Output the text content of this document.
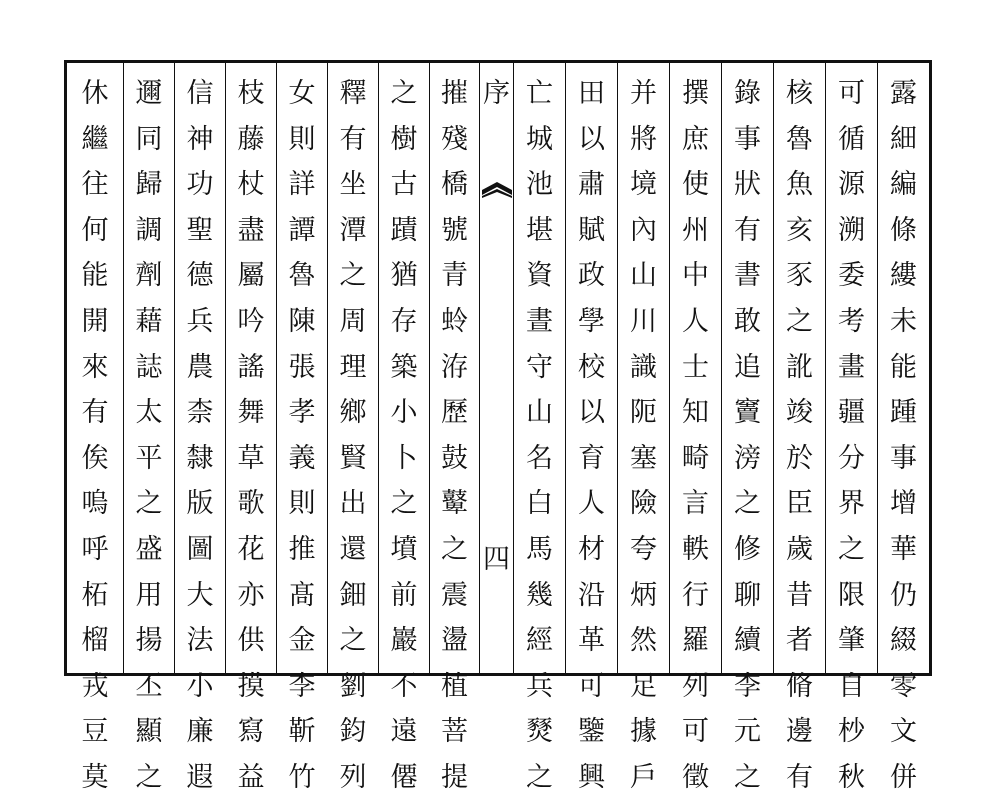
露
細
編
條
縷
未
能
踵
事
增
華
仍
綴
零
文
併
可
循
源
溯
委
考
畫
疆
分
界
之
限
肇
自
杪
秋
核
魯
魚
亥
豕
之
訛
竣
於
臣
歲
昔
者
脩
邊
有
錄
事
狀
有
書
敢
追
竇
滂
之
修
聊
續
李
元
之
撰
庶
使
州
中
人
士
知
畸
言
軼
行
羅
列
可
徵
并
將
境
內
山
川
識
阨
塞
險
夸
炳
然
足
據
戶
田
以
肅
賦
政
學
校
以
育
人
材
沿
革
可
鑒
興
亡
城
池
堪
資
晝
守
山
名
白
馬
幾
經
兵
燹
之
序
四
摧
殘
橋
號
青
蛉
洊
歷
鼓
鼙
之
震
盪
植
菩
提
之
樹
古
蹟
猶
存
築
小
卜
之
墳
前
巖
不
遠
僊
釋
有
坐
潭
之
周
理
鄉
賢
出
還
鈿
之
劉
鈞
列
女
則
詳
譚
魯
陳
張
孝
義
則
推
髙
金
李
靳
竹
枝
藤
杖
盡
屬
吟
謠
舞
草
歌
花
亦
供
摸
寫
益
信
神
功
聖
德
兵
農
柰
隸
版
圖
大
法
小
廉
遐
邇
同
歸
調
劑
藉
誌
太
平
之
盛
用
揚
丕
顯
之
休
繼
往
何
能
開
來
有
俟
嗚
呼
柘
榴
戎
豆
莫
